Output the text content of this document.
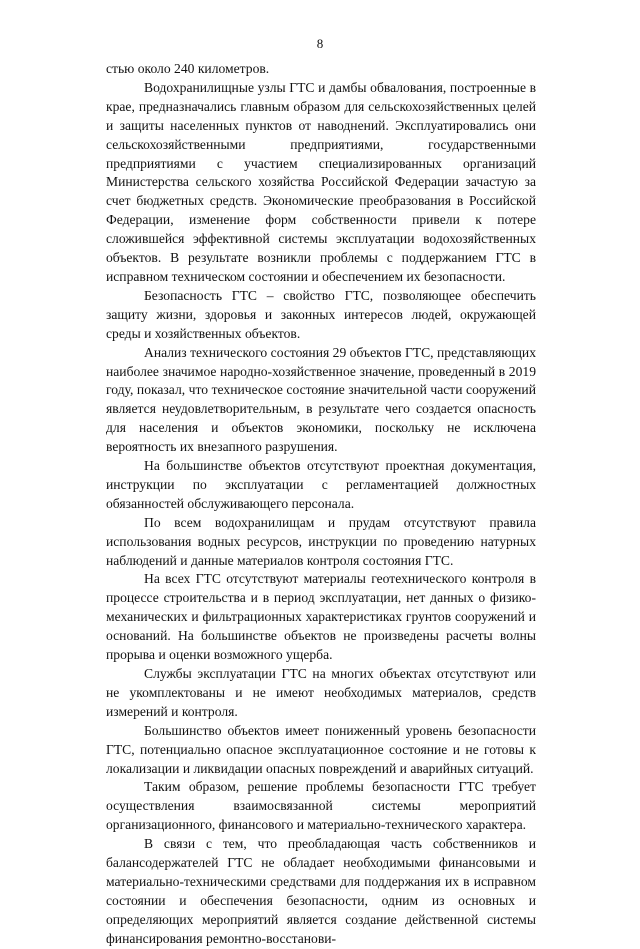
8

стью около 240 километров.

Водохранилищные узлы ГТС и дамбы обвалования, построенные в крае, предназначались главным образом для сельскохозяйственных целей и защиты населенных пунктов от наводнений. Эксплуатировались они сельскохозяйственными предприятиями, государственными предприятиями с участием специализированных организаций Министерства сельского хозяйства Российской Федерации зачастую за счет бюджетных средств. Экономические преобразования в Российской Федерации, изменение форм собственности привели к потере сложившейся эффективной системы эксплуатации водохозяйственных объектов. В результате возникли проблемы с поддержанием ГТС в исправном техническом состоянии и обеспечением их безопасности.

Безопасность ГТС – свойство ГТС, позволяющее обеспечить защиту жизни, здоровья и законных интересов людей, окружающей среды и хозяйственных объектов.

Анализ технического состояния 29 объектов ГТС, представляющих наиболее значимое народно-хозяйственное значение, проведенный в 2019 году, показал, что техническое состояние значительной части сооружений является неудовлетворительным, в результате чего создается опасность для населения и объектов экономики, поскольку не исключена вероятность их внезапного разрушения.

На большинстве объектов отсутствуют проектная документация, инструкции по эксплуатации с регламентацией должностных обязанностей обслуживающего персонала.

По всем водохранилищам и прудам отсутствуют правила использования водных ресурсов, инструкции по проведению натурных наблюдений и данные материалов контроля состояния ГТС.

На всех ГТС отсутствуют материалы геотехнического контроля в процессе строительства и в период эксплуатации, нет данных о физико-механических и фильтрационных характеристиках грунтов сооружений и оснований. На большинстве объектов не произведены расчеты волны прорыва и оценки возможного ущерба.

Службы эксплуатации ГТС на многих объектах отсутствуют или не укомплектованы и не имеют необходимых материалов, средств измерений и контроля.

Большинство объектов имеет пониженный уровень безопасности ГТС, потенциально опасное эксплуатационное состояние и не готовы к локализации и ликвидации опасных повреждений и аварийных ситуаций.

Таким образом, решение проблемы безопасности ГТС требует осуществления взаимосвязанной системы мероприятий организационного, финансового и материально-технического характера.

В связи с тем, что преобладающая часть собственников и балансодержателей ГТС не обладает необходимыми финансовыми и материально-техническими средствами для поддержания их в исправном состоянии и обеспечения безопасности, одним из основных и определяющих мероприятий является создание действенной системы финансирования ремонтно-восстанови-
